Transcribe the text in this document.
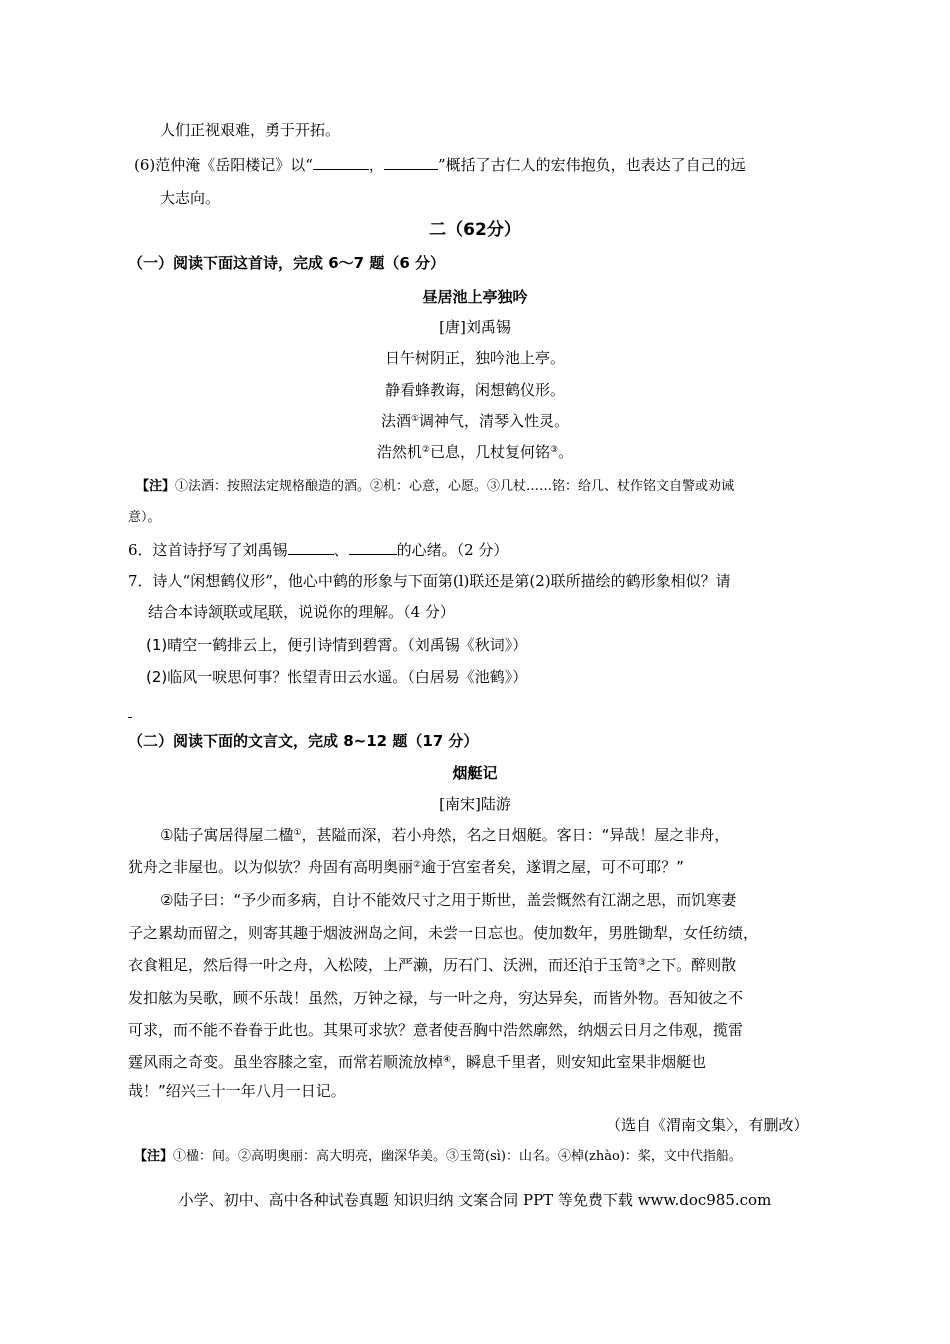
人们正视艰难，勇于开拓。
(6)范仲淹《岳阳楼记》以“	，	”概括了古仁人的宏伟抱负，也表达了自己的远
大志向。
二（62分）
（一）阅读下面这首诗，完成 6～7 题（6 分）
昼居池上亭独吟
[唐]刘禹锡
日午树阴正，独吟池上亭。
静看蜂教诲，闲想鹤仪形。
法酒①调神气，清琴入性灵。
浩然机②已息，几杖复何铭③。
【注】①法酒：按照法定规格酿造的酒。②机：心意，心愿。③几杖……铭：给几、杖作铭文自警或劝诫
意）。
6．这首诗抒写了刘禹锡	、	的心绪。（2 分）
7．诗人“闲想鹤仪形”，他心中鹤的形象与下面第(l)联还是第(2)联所描绘的鹤形象相似？请
结合本诗颔联或尾联，说说你的理解。（4 分）
(1)晴空一鹤排云上，便引诗情到碧霄。（刘禹锡《秋词》）
(2)临风一唳思何事？怅望青田云水遥。（白居易《池鹤》）
（二）阅读下面的文言文，完成 8~12 题（17 分）
烟艇记
[南宋]陆游
①陆子寓居得屋二楹①，甚隘而深，若小舟然，名之日烟艇。客日：“异哉！屋之非舟，
犹舟之非屋也。以为似欤？舟固有高明奥丽②逾于宫室者矣，遂谓之屋，可不可耶？”
②陆子曰：“予少而多病，自计不能效尺寸之用于斯世，盖尝慨然有江湖之思，而饥寒妻
子之累劫而留之，则寄其趣于烟波洲岛之间，未尝一日忘也。使加数年，男胜锄犁，女任纺绩，
衣食粗足，然后得一叶之舟，入松陵，上严濑，历石门、沃洲，而还泊于玉笥③之下。醉则散
发扣舷为吴歌，顾不乐哉！虽然，万钟之禄，与一叶之舟，穷达异矣，而皆外物。吾知彼之不
可求，而不能不眷眷于此也。其果可求欤？意者使吾胸中浩然廓然，纳烟云日月之伟观，揽雷
霆风雨之奇变。虽坐容膝之室，而常若顺流放棹④，瞬息千里者，则安知此室果非烟艇也
哉！”绍兴三十一年八月一日记。
（选自《渭南文集〉，有删改）
【注】①楹：间。②高明奥丽：高大明亮，幽深华美。③玉笥(sì)：山名。④棹(zhào)：桨，文中代指船。
小学、初中、高中各种试卷真题 知识归纳 文案合同 PPT 等免费下载 www.doc985.com
